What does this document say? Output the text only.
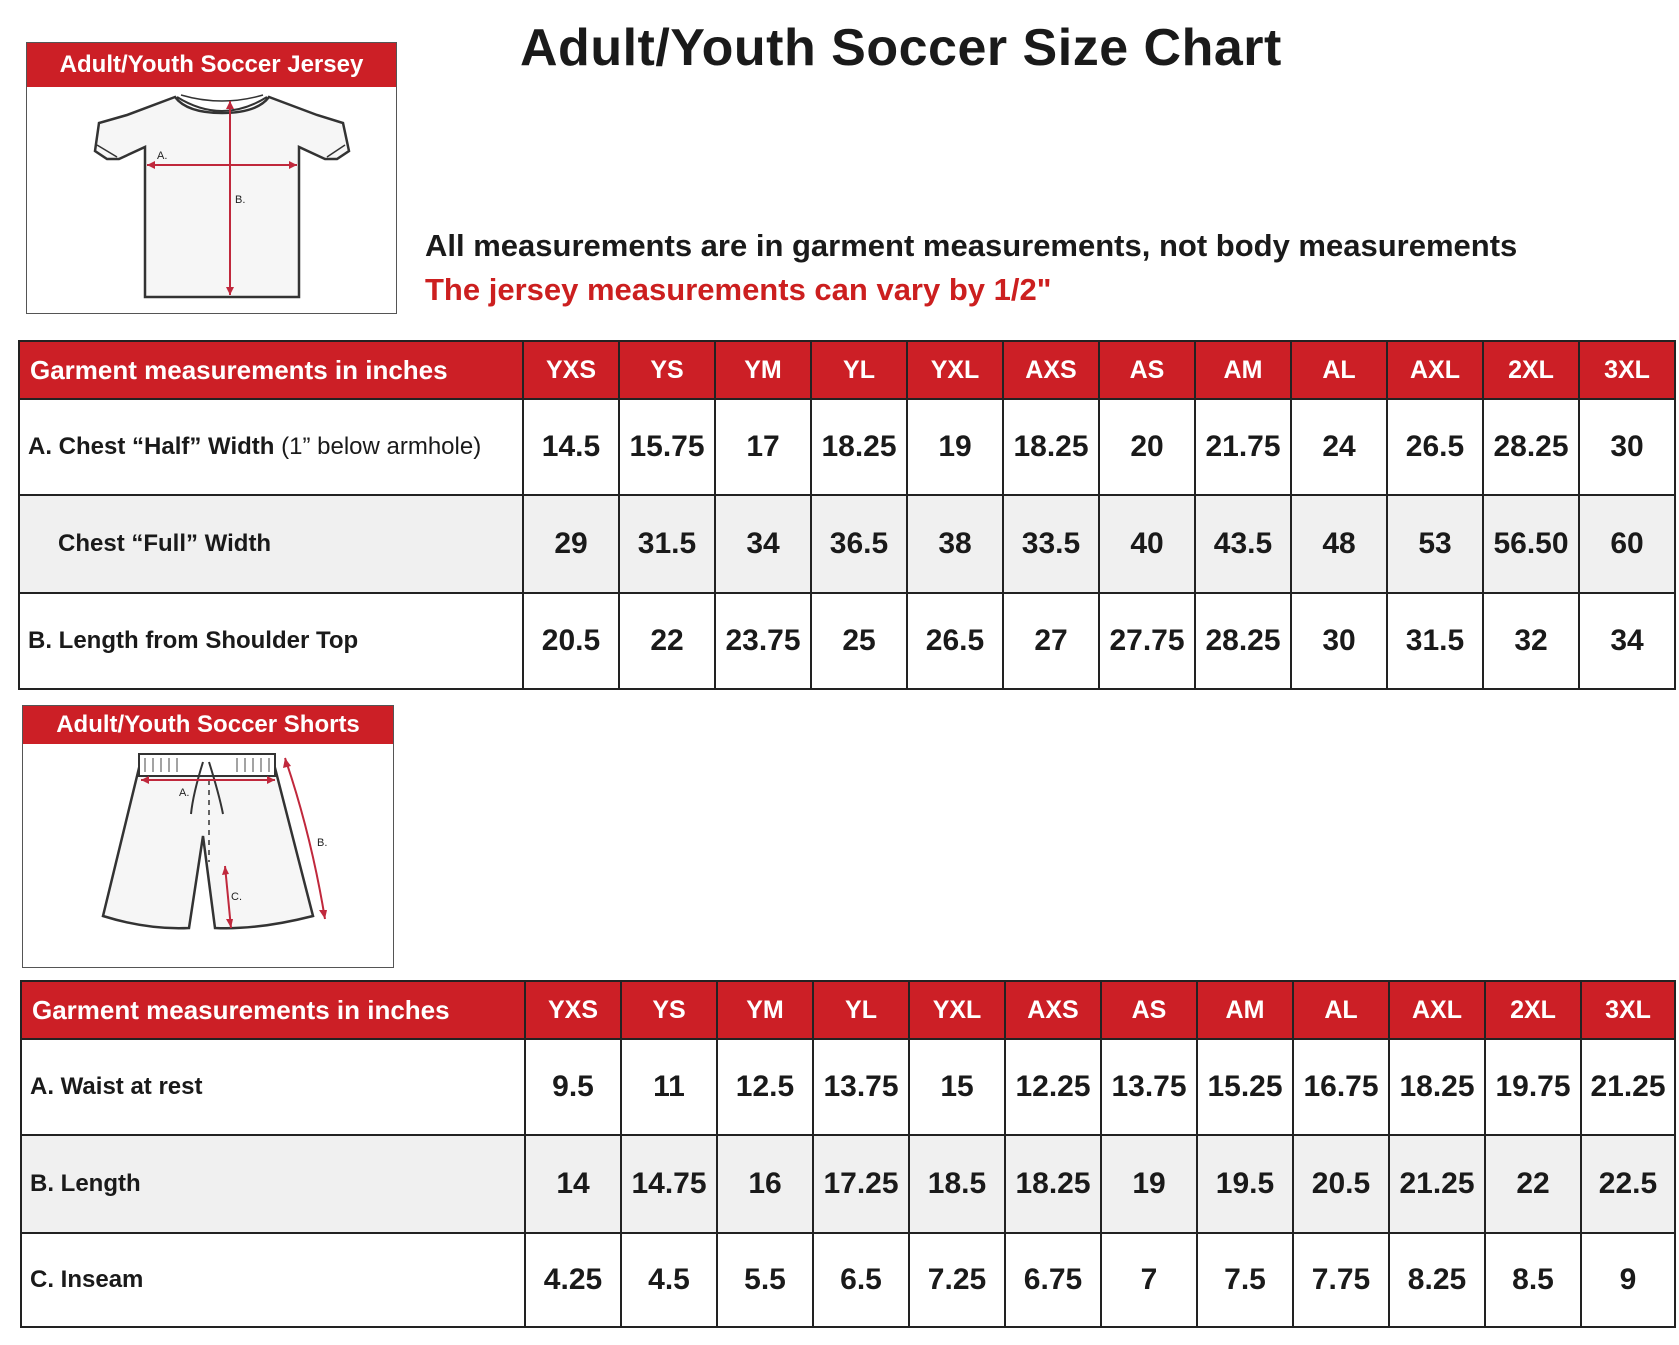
Adult/Youth Soccer Size Chart
Adult/Youth Soccer Jersey
A.
B.
All measurements are in garment measurements, not body measurements
The jersey measurements can vary by 1/2"
Garment measurements in inches	YXS	YS	YM	YL	YXL	AXS	AS	AM	AL	AXL	2XL	3XL
A. Chest “Half” Width (1” below armhole)	14.5	15.75	17	18.25	19	18.25	20	21.75	24	26.5	28.25	30
Chest “Full” Width	29	31.5	34	36.5	38	33.5	40	43.5	48	53	56.50	60
B. Length from Shoulder Top	20.5	22	23.75	25	26.5	27	27.75	28.25	30	31.5	32	34
Adult/Youth Soccer Shorts
A.
B.
C.
Garment measurements in inches	YXS	YS	YM	YL	YXL	AXS	AS	AM	AL	AXL	2XL	3XL
A. Waist at rest	9.5	11	12.5	13.75	15	12.25	13.75	15.25	16.75	18.25	19.75	21.25
B. Length	14	14.75	16	17.25	18.5	18.25	19	19.5	20.5	21.25	22	22.5
C. Inseam	4.25	4.5	5.5	6.5	7.25	6.75	7	7.5	7.75	8.25	8.5	9
